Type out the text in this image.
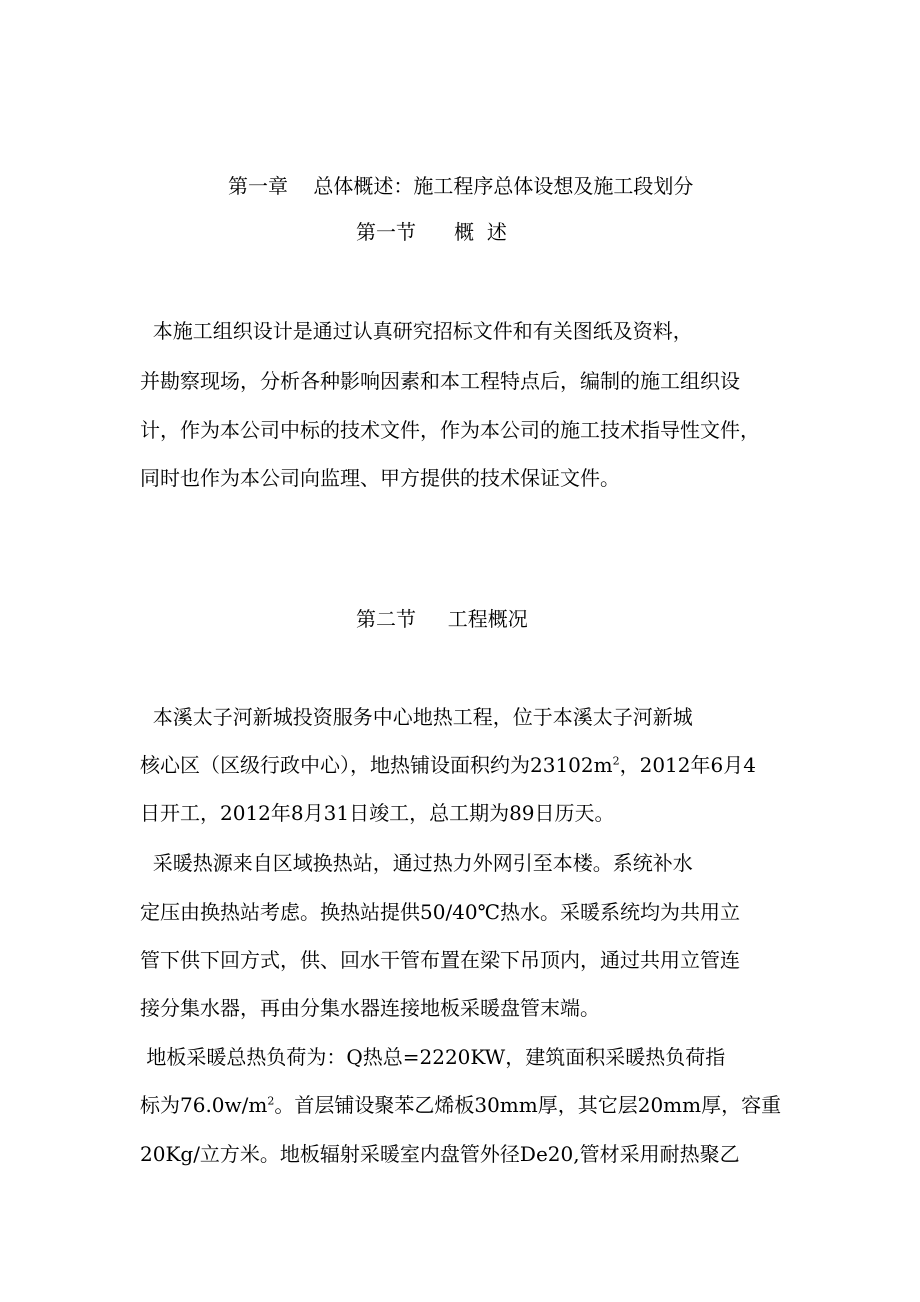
第一章    总体概述：施工程序总体设想及施工段划分
第一节      概  述
本施工组织设计是通过认真研究招标文件和有关图纸及资料，
并勘察现场，分析各种影响因素和本工程特点后，编制的施工组织设
计，作为本公司中标的技术文件，作为本公司的施工技术指导性文件，
同时也作为本公司向监理、甲方提供的技术保证文件。
第二节     工程概况
本溪太子河新城投资服务中心地热工程，位于本溪太子河新城
核心区（区级行政中心），地热铺设面积约为$23102m^2$，2012年6月4
日开工，2012年8月31日竣工，总工期为89日历天。
采暖热源来自区域换热站，通过热力外网引至本楼。系统补水
定压由换热站考虑。换热站提供50/40℃热水。采暖系统均为共用立
管下供下回方式，供、回水干管布置在梁下吊顶内，通过共用立管连
接分集水器，再由分集水器连接地板采暖盘管末端。
地板采暖总热负荷为：Q热总=2220KW，建筑面积采暖热负荷指
标为$76.0w/m^2$。首层铺设聚苯乙烯板30mm厚，其它层20mm厚，容重
20Kg/立方米。地板辐射采暖室内盘管外径De20,管材采用耐热聚乙
